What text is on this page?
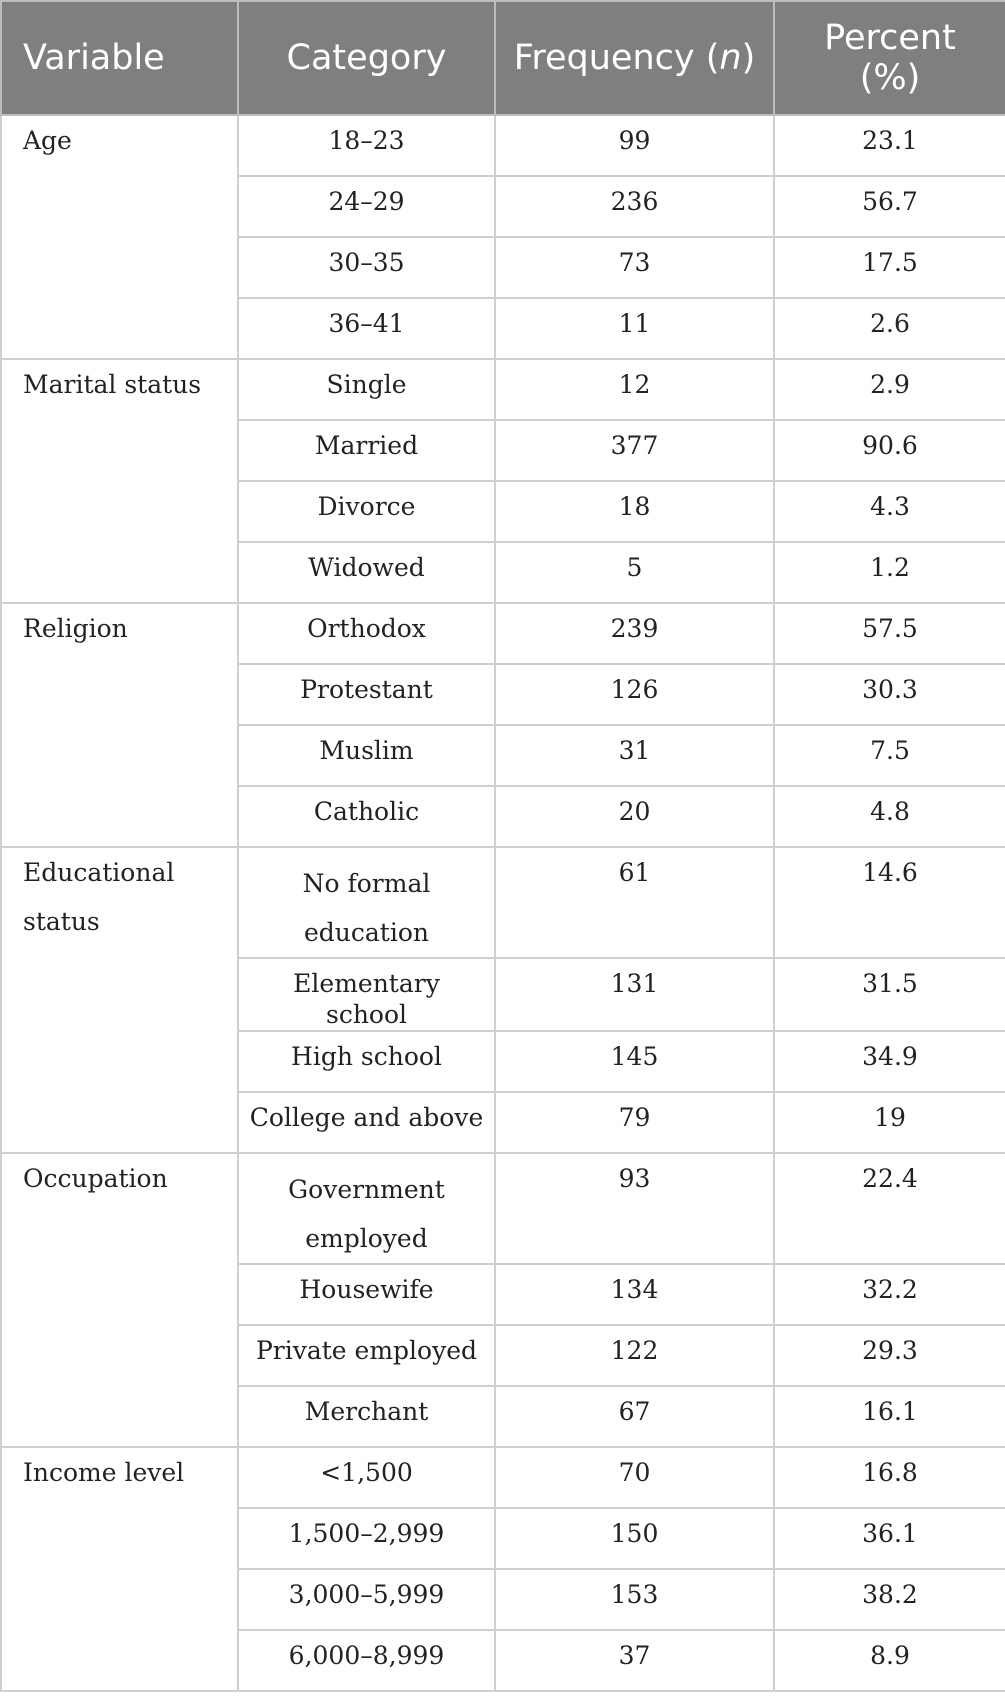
Variable	Category	Frequency (n)	Percent
(%)

Age	18–23	99	23.1
	24–29	236	56.7
	30–35	73	17.5
	36–41	11	2.6
Marital status	Single	12	2.9
	Married	377	90.6
	Divorce	18	4.3
	Widowed	5	1.2
Religion	Orthodox	239	57.5
	Protestant	126	30.3
	Muslim	31	7.5
	Catholic	20	4.8
Educational status	No formal education	61	14.6
	Elementary school	131	31.5
	High school	145	34.9
	College and above	79	19
Occupation	Government employed	93	22.4
	Housewife	134	32.2
	Private employed	122	29.3
	Merchant	67	16.1
Income level	<1,500	70	16.8
	1,500–2,999	150	36.1
	3,000–5,999	153	38.2
	6,000–8,999	37	8.9
